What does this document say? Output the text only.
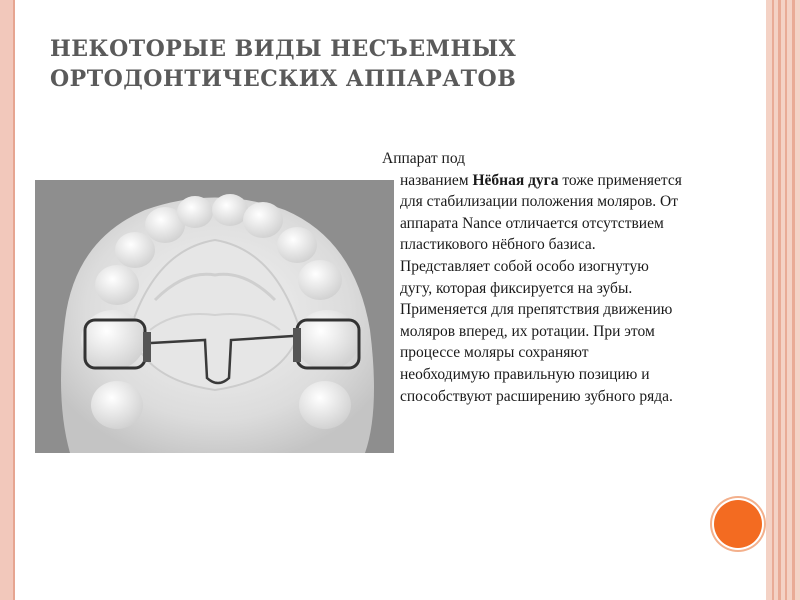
НЕКОТОРЫЕ ВИДЫ НЕСЪЕМНЫХ
ОРТОДОНТИЧЕСКИХ АППАРАТОВ
Аппарат под
названием Нёбная дуга тоже применяется для стабилизации положения моляров. От аппарата Nance отличается отсутствием пластикового нёбного базиса. Представляет собой особо изогнутую дугу, которая фиксируется на зубы. Применяется для препятствия движению моляров вперед, их ротации. При этом процессе моляры сохраняют необходимую правильную позицию и способствуют расширению зубного ряда.
